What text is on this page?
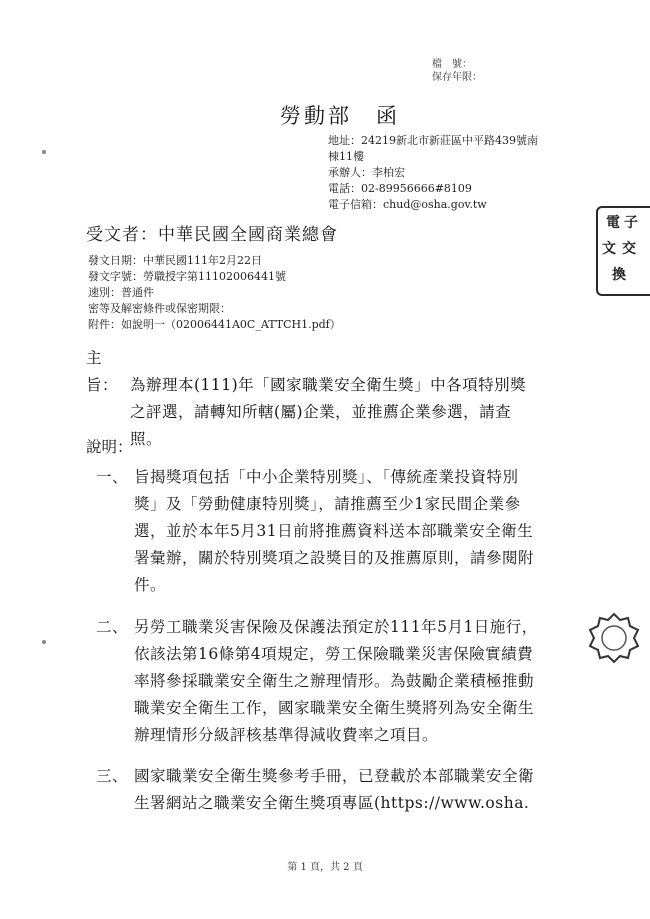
檔　號：
保存年限：
勞動部　函
地址：24219新北市新莊區中平路439號南
棟11樓
承辦人：李柏宏
電話：02-89956666#8109
電子信箱：chud@osha.gov.tw
電 子
文 交
換
受文者：中華民國全國商業總會
發文日期：中華民國111年2月22日
發文字號：勞職授字第11102006441號
速別：普通件
密等及解密條件或保密期限：
附件：如說明一（02006441A0C_ATTCH1.pdf）
主旨： 為辦理本(111)年「國家職業安全衛生獎」中各項特別獎之評選，請轉知所轄(屬)企業，並推薦企業參選，請查照。
說明：
一、 旨揭獎項包括「中小企業特別獎」、「傳統產業投資特別獎」及「勞動健康特別獎」，請推薦至少1家民間企業參選，並於本年5月31日前將推薦資料送本部職業安全衛生署彙辦，關於特別獎項之設獎目的及推薦原則，請參閱附件。
二、 另勞工職業災害保險及保護法預定於111年5月1日施行，依該法第16條第4項規定，勞工保險職業災害保險實績費率將參採職業安全衛生之辦理情形。為鼓勵企業積極推動職業安全衛生工作，國家職業安全衛生獎將列為安全衛生辦理情形分級評核基準得減收費率之項目。
三、 國家職業安全衛生獎參考手冊，已登載於本部職業安全衛生署網站之職業安全衛生獎項專區(https://www.osha.
第 1 頁，共 2 頁
